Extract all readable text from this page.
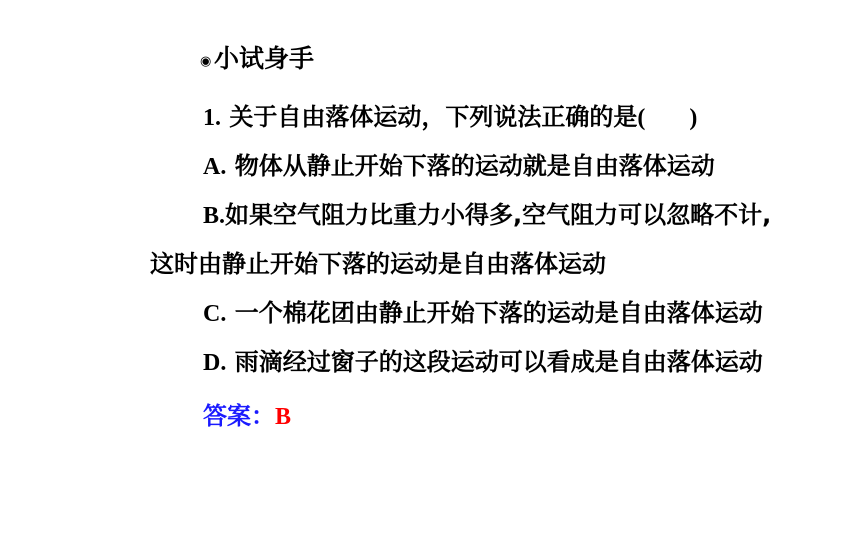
◉ 小试身手
1. 关于自由落体运动，下列说法正确的是( )
A. 物体从静止开始下落的运动就是自由落体运动
B.如果空气阻力比重力小得多,空气阻力可以忽略不计,
这时由静止开始下落的运动是自由落体运动
C. 一个棉花团由静止开始下落的运动是自由落体运动
D. 雨滴经过窗子的这段运动可以看成是自由落体运动
答案：B
